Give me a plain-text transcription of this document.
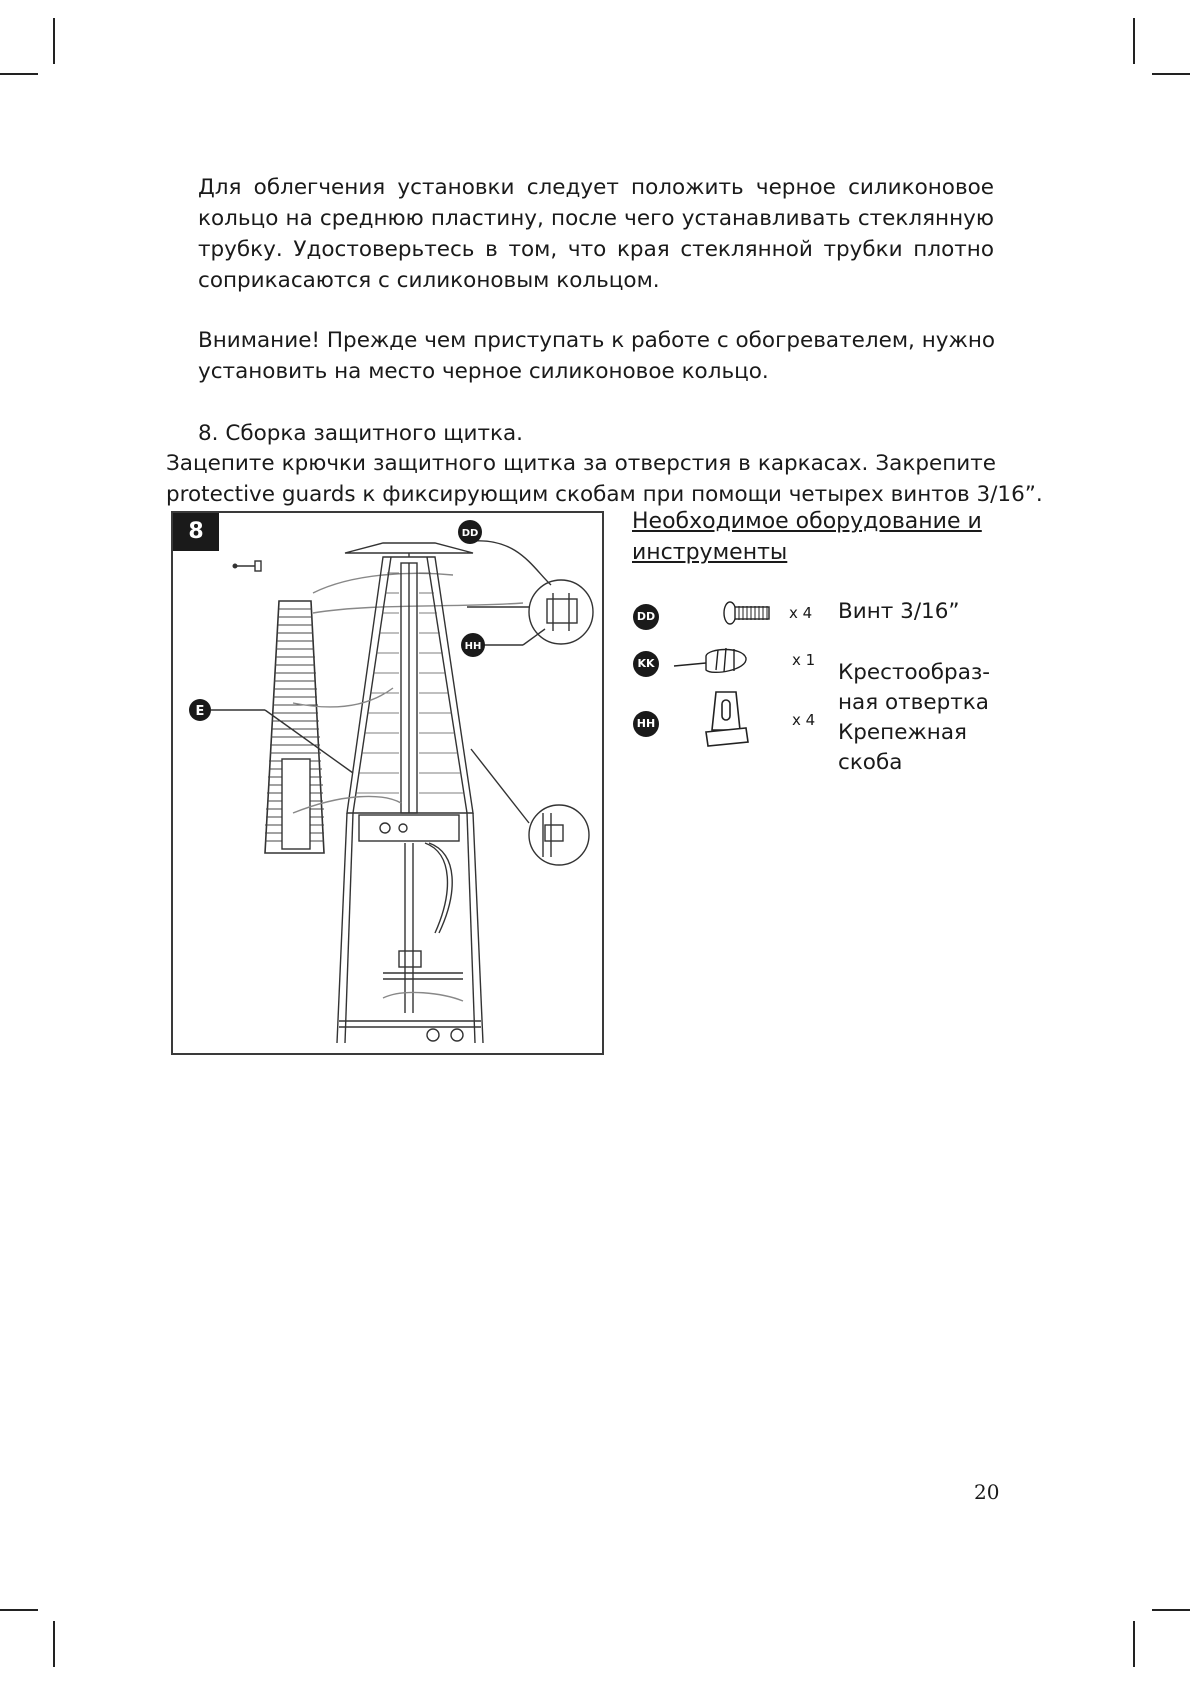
Для облегчения установки следует положить черное силиконовое
кольцо на среднюю пластину, после чего устанавливать стеклянную
трубку. Удостоверьтесь в том, что края стеклянной трубки плотно
соприкасаются с силиконовым кольцом.
Внимание! Прежде чем приступать к работе с обогревателем, нужно
установить на место черное силиконовое кольцо.
8. Сборка защитного щитка.
Зацепите крючки защитного щитка за отверстия в каркасах. Закрепите
protective guards к фиксирующим скобам при помощи четырех винтов 3/16”.
8	DD
HH
E
Необходимое оборудование и
инструменты
DD	x 4 Винт 3/16”
KK	x 1 Крестообраз-
ная отвертка
HH	x 4 Крепежная
скоба
20
